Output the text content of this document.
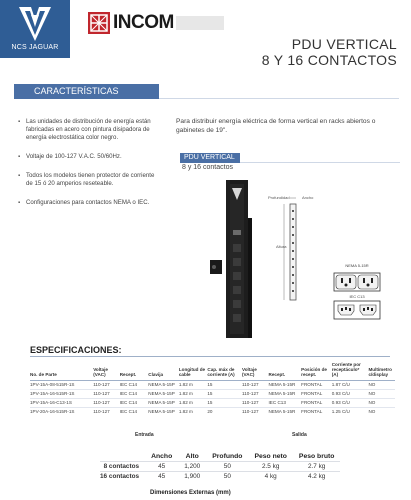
NCS JAGUAR
INCOM
PDU VERTICAL
8 Y 16 CONTACTOS
CARACTERÍSTICAS
▪ Las unidades de distribución de energía están fabricadas en acero con pintura disipadora de energía electrostática color negro.
▪ Voltaje de 100-127 V.A.C. 50/60Hz.
▪ Todos los modelos tienen protector de corriente de 15 ó 20 amperios reseteable.
▪ Configuraciones para contactos NEMA o IEC.
Para distribuir energía eléctrica de forma vertical en racks abiertos o gabinetes de 19".
PDU VERTICAL
8 y 16 contactos
Profundidad	Ancho
Altura
NEMA 5-15R
IEC C13
ESPECIFICACIONES:
No. de Parte	Voltaje (VAC)	Recept.	Clavija	Longitud de cable	Cap. máx de corriente (A)	Voltaje (VAC)	Recept.	Posición de recept.	Corriente por receptáculo* (A)	Multímetro c/display
1PV-15A-08-515R-1S	110-127	IEC C14	NEMA 5-15P	1.82 m	15	110-127	NEMA 5-15R	FRONTAL	1.87 C/U	NO
1PV-15A-16-515R-1S	110-127	IEC C14	NEMA 5-15P	1.82 m	15	110-127	NEMA 5-15R	FRONTAL	0.93 C/U	NO
1PV-15A-16-C13-1S	110-127	IEC C14	NEMA 5-15P	1.82 m	15	110-127	IEC C13	FRONTAL	0.93 C/U	NO
1PV-20A-16-515R-1S	110-127	IEC C14	NEMA 5-15P	1.82 m	20	110-127	NEMA 5-15R	FRONTAL	1.25 C/U	NO
Entrada	Salida
	Ancho	Alto	Profundo	Peso neto	Peso bruto
8 contactos	45	1,200	50	2.5 kg	2.7 kg
16 contactos	45	1,900	50	4 kg	4.2 kg
Dimensiones Externas (mm)
